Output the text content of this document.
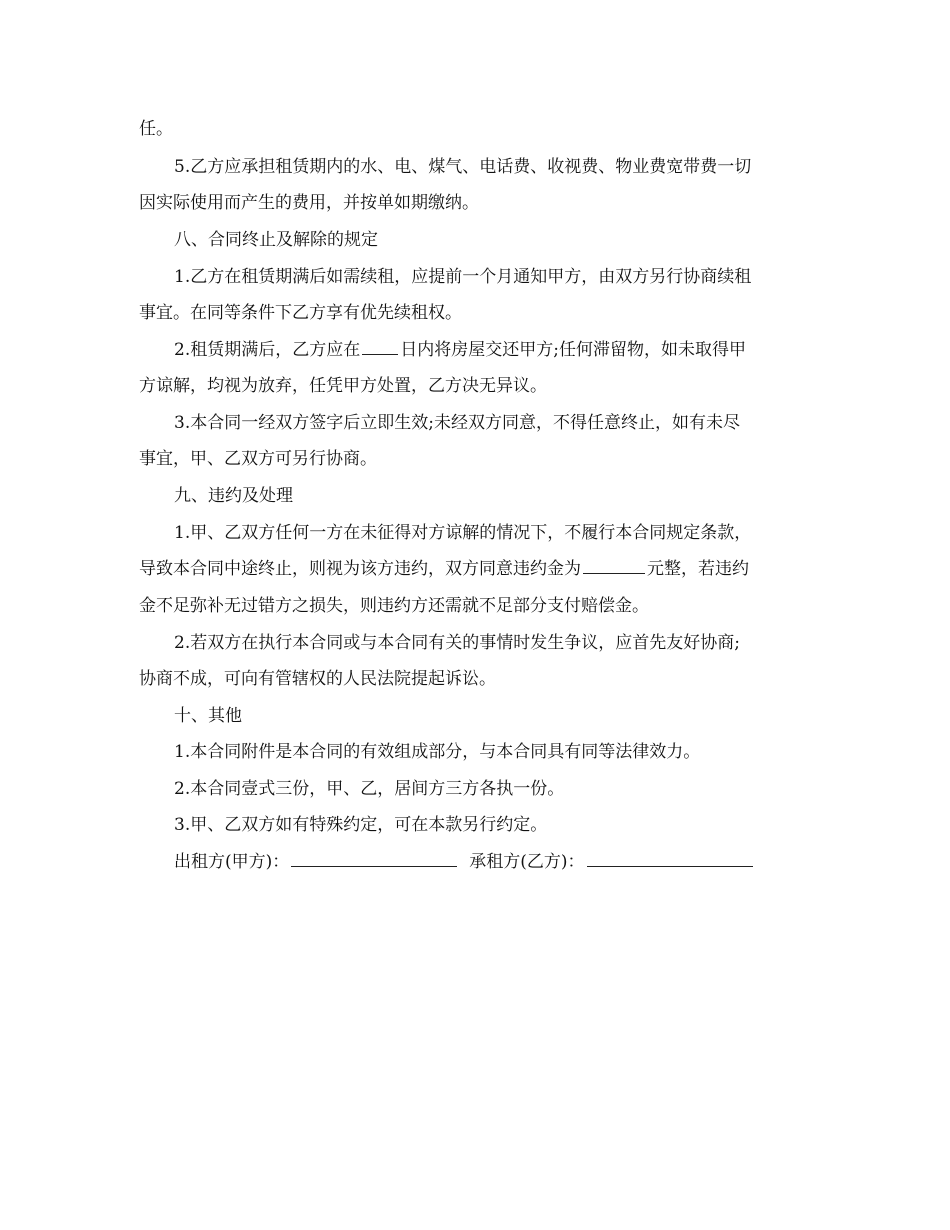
任。
5.乙方应承担租赁期内的水、电、煤气、电话费、收视费、物业费宽带费一切
因实际使用而产生的费用，并按单如期缴纳。
八、合同终止及解除的规定
1.乙方在租赁期满后如需续租，应提前一个月通知甲方，由双方另行协商续租
事宜。在同等条件下乙方享有优先续租权。
2.租赁期满后，乙方应在 日内将房屋交还甲方;任何滞留物，如未取得甲
方谅解，均视为放弃，任凭甲方处置，乙方决无异议。
3.本合同一经双方签字后立即生效;未经双方同意，不得任意终止，如有未尽
事宜，甲、乙双方可另行协商。
九、违约及处理
1.甲、乙双方任何一方在未征得对方谅解的情况下，不履行本合同规定条款，
导致本合同中途终止，则视为该方违约，双方同意违约金为	元整，若违约
金不足弥补无过错方之损失，则违约方还需就不足部分支付赔偿金。
2.若双方在执行本合同或与本合同有关的事情时发生争议，应首先友好协商;
协商不成，可向有管辖权的人民法院提起诉讼。
十、其他
1.本合同附件是本合同的有效组成部分，与本合同具有同等法律效力。
2.本合同壹式三份，甲、乙，居间方三方各执一份。
3.甲、乙双方如有特殊约定，可在本款另行约定。
出租方(甲方)：	承租方(乙方)：
